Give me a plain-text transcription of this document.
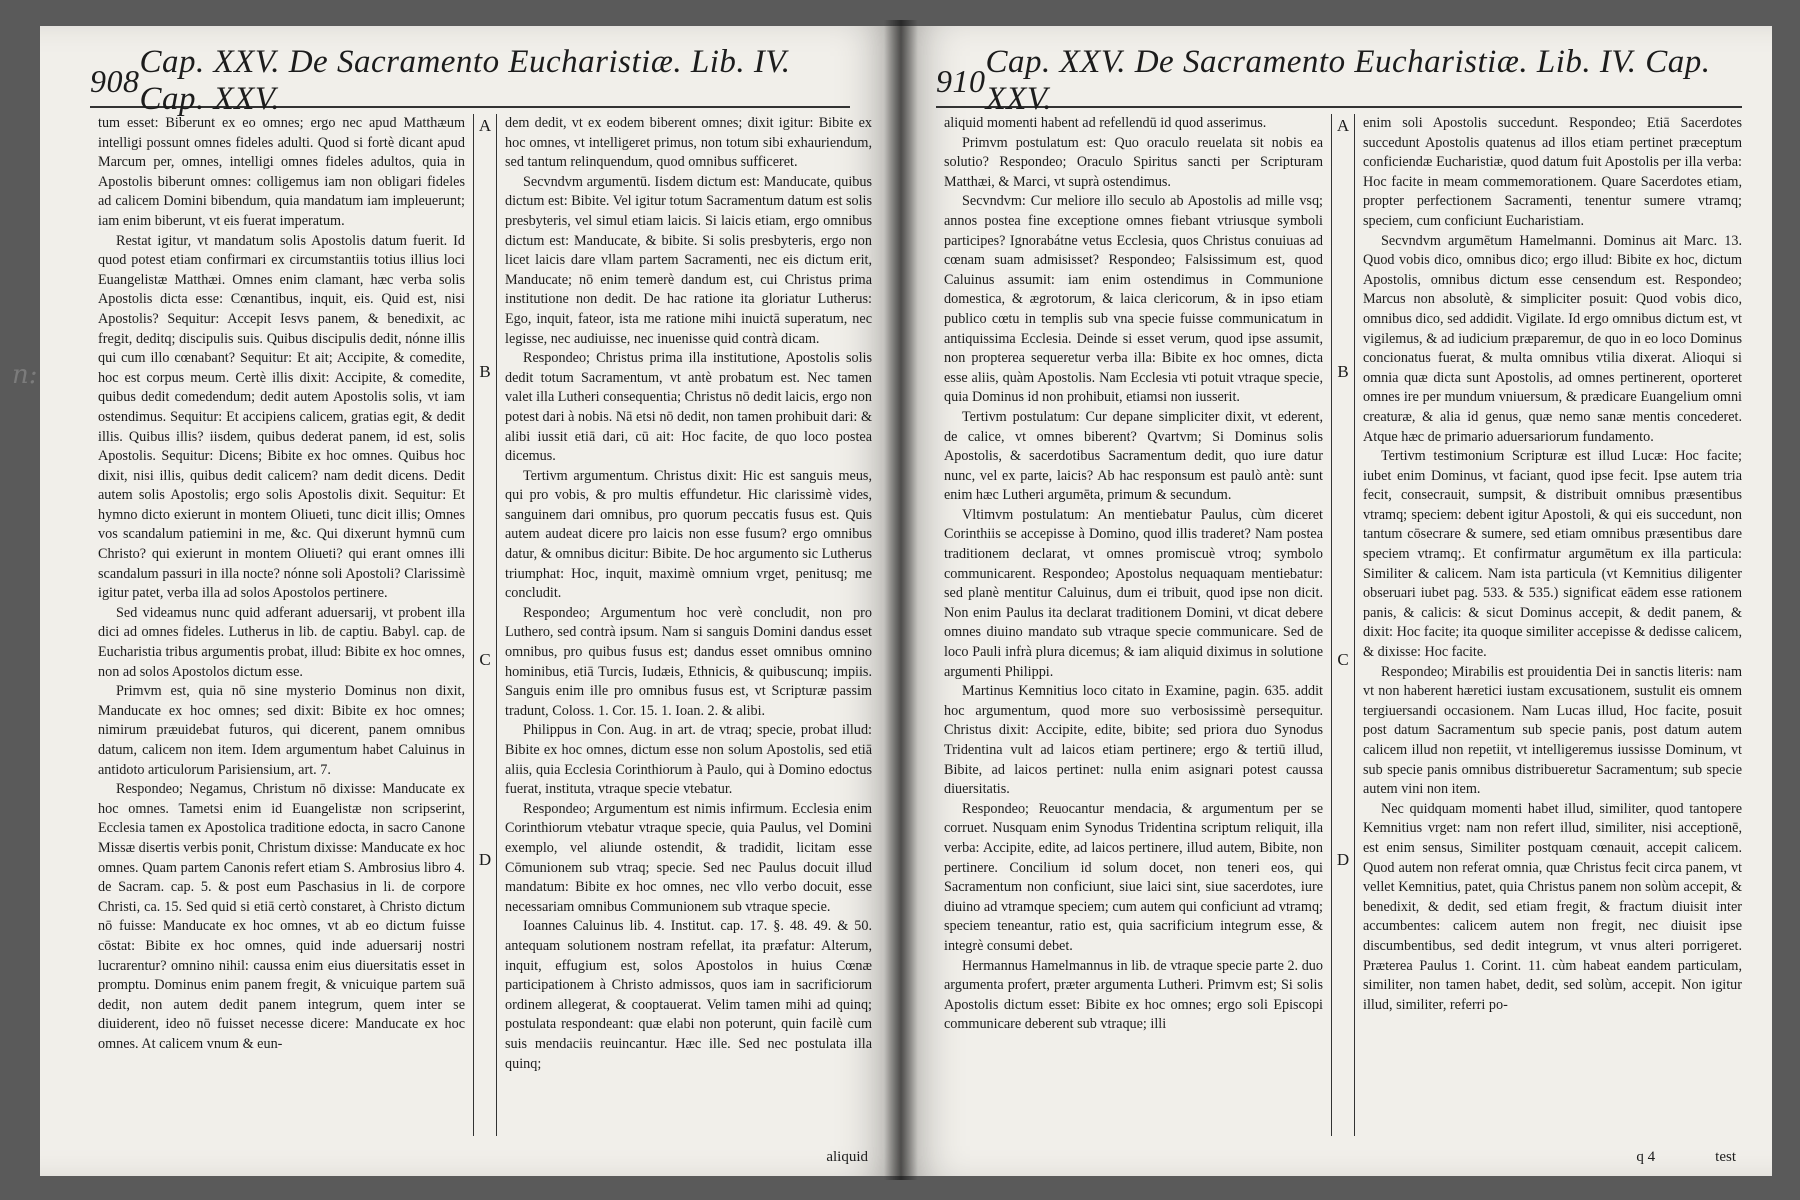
908
Cap. XXV. De Sacramento Eucharistiæ. Lib. IV. Cap. XXV.

tum esset: Biberunt ex eo omnes; ergo nec apud Matthæum intelligi possunt omnes fideles adulti. Quod si fortè dicant apud Marcum per, omnes, intelligi omnes fideles adultos, quia in Apostolis biberunt omnes: colligemus iam non obligari fideles ad calicem Domini bibendum, quia mandatum iam impleuerunt; iam enim biberunt, vt eis fuerat imperatum.

Restat igitur, vt mandatum solis Apostolis datum fuerit. Id quod potest etiam confirmari ex circumstantiis totius illius loci Euangelistæ Matthæi. Omnes enim clamant, hæc verba solis Apostolis dicta esse: Cœnantibus, inquit, eis. Quid est, nisi Apostolis? Sequitur: Accepit Iesvs panem, & benedixit, ac fregit, deditq; discipulis suis. Quibus discipulis dedit, nónne illis qui cum illo cœnabant? Sequitur: Et ait; Accipite, & comedite, hoc est corpus meum. Certè illis dixit: Accipite, & comedite, quibus dedit comedendum; dedit autem Apostolis solis, vt iam ostendimus. Sequitur: Et accipiens calicem, gratias egit, & dedit illis. Quibus illis? iisdem, quibus dederat panem, id est, solis Apostolis. Sequitur: Dicens; Bibite ex hoc omnes. Quibus hoc dixit, nisi illis, quibus dedit calicem? nam dedit dicens. Dedit autem solis Apostolis; ergo solis Apostolis dixit. Sequitur: Et hymno dicto exierunt in montem Oliueti, tunc dicit illis; Omnes vos scandalum patiemini in me, &c. Qui dixerunt hymnū cum Christo? qui exierunt in montem Oliueti? qui erant omnes illi scandalum passuri in illa nocte? nónne soli Apostoli? Clarissimè igitur patet, verba illa ad solos Apostolos pertinere.

Sed videamus nunc quid adferant aduersarij, vt probent illa dici ad omnes fideles. Lutherus in lib. de captiu. Babyl. cap. de Eucharistia tribus argumentis probat, illud: Bibite ex hoc omnes, non ad solos Apostolos dictum esse.

Primvm est, quia nō sine mysterio Dominus non dixit, Manducate ex hoc omnes; sed dixit: Bibite ex hoc omnes; nimirum præuidebat futuros, qui dicerent, panem omnibus datum, calicem non item. Idem argumentum habet Caluinus in antidoto articulorum Parisiensium, art. 7.

Respondeo; Negamus, Christum nō dixisse: Manducate ex hoc omnes. Tametsi enim id Euangelistæ non scripserint, Ecclesia tamen ex Apostolica traditione edocta, in sacro Canone Missæ disertis verbis ponit, Christum dixisse: Manducate ex hoc omnes. Quam partem Canonis refert etiam S. Ambrosius libro 4. de Sacram. cap. 5. & post eum Paschasius in li. de corpore Christi, ca. 15. Sed quid si etiā certò constaret, à Christo dictum nō fuisse: Manducate ex hoc omnes, vt ab eo dictum fuisse cōstat: Bibite ex hoc omnes, quid inde aduersarij nostri lucrarentur? omnino nihil: caussa enim eius diuersitatis esset in promptu. Dominus enim panem fregit, & vnicuique partem suā dedit, non autem dedit panem integrum, quem inter se diuiderent, ideo nō fuisset necesse dicere: Manducate ex hoc omnes. At calicem vnum & eun-

A
B
C
D

dem dedit, vt ex eodem biberent omnes; dixit igitur: Bibite ex hoc omnes, vt intelligeret primus, non totum sibi exhauriendum, sed tantum relinquendum, quod omnibus sufficeret.

Secvndvm argumentū. Iisdem dictum est: Manducate, quibus dictum est: Bibite. Vel igitur totum Sacramentum datum est solis presbyteris, vel simul etiam laicis. Si laicis etiam, ergo omnibus dictum est: Manducate, & bibite. Si solis presbyteris, ergo non licet laicis dare vllam partem Sacramenti, nec eis dictum erit, Manducate; nō enim temerè dandum est, cui Christus prima institutione non dedit. De hac ratione ita gloriatur Lutherus: Ego, inquit, fateor, ista me ratione mihi inuictā superatum, nec legisse, nec audiuisse, nec inuenisse quid contrà dicam.

Respondeo; Christus prima illa institutione, Apostolis solis dedit totum Sacramentum, vt antè probatum est. Nec tamen valet illa Lutheri consequentia; Christus nō dedit laicis, ergo non potest dari à nobis. Nā etsi nō dedit, non tamen prohibuit dari: & alibi iussit etiā dari, cū ait: Hoc facite, de quo loco postea dicemus.

Tertivm argumentum. Christus dixit: Hic est sanguis meus, qui pro vobis, & pro multis effundetur. Hic clarissimè vides, sanguinem dari omnibus, pro quorum peccatis fusus est. Quis autem audeat dicere pro laicis non esse fusum? ergo omnibus datur, & omnibus dicitur: Bibite. De hoc argumento sic Lutherus triumphat: Hoc, inquit, maximè omnium vrget, penitusq; me concludit.

Respondeo; Argumentum hoc verè concludit, non pro Luthero, sed contrà ipsum. Nam si sanguis Domini dandus esset omnibus, pro quibus fusus est; dandus esset omnibus omnino hominibus, etiā Turcis, Iudæis, Ethnicis, & quibuscunq; impiis. Sanguis enim ille pro omnibus fusus est, vt Scripturæ passim tradunt, Coloss. 1. Cor. 15. 1. Ioan. 2. & alibi.

Philippus in Con. Aug. in art. de vtraq; specie, probat illud: Bibite ex hoc omnes, dictum esse non solum Apostolis, sed etiā aliis, quia Ecclesia Corinthiorum à Paulo, qui à Domino edoctus fuerat, instituta, vtraque specie vtebatur.

Respondeo; Argumentum est nimis infirmum. Ecclesia enim Corinthiorum vtebatur vtraque specie, quia Paulus, vel Domini exemplo, vel aliunde ostendit, & tradidit, licitam esse Cōmunionem sub vtraq; specie. Sed nec Paulus docuit illud mandatum: Bibite ex hoc omnes, nec vllo verbo docuit, esse necessariam omnibus Communionem sub vtraque specie.

Ioannes Caluinus lib. 4. Institut. cap. 17. §. 48. 49. & 50. antequam solutionem nostram refellat, ita præfatur: Alterum, inquit, effugium est, solos Apostolos in huius Cœnæ participationem à Christo admissos, quos iam in sacrificiorum ordinem allegerat, & cooptauerat. Velim tamen mihi ad quinq; postulata respondeant: quæ elabi non poterunt, quin facilè cum suis mendaciis reuincantur. Hæc ille. Sed nec postulata illa quinq;

aliquid
n:
910
Cap. XXV. De Sacramento Eucharistiæ. Lib. IV. Cap. XXV.

aliquid momenti habent ad refellendū id quod asserimus.

Primvm postulatum est: Quo oraculo reuelata sit nobis ea solutio? Respondeo; Oraculo Spiritus sancti per Scripturam Matthæi, & Marci, vt suprà ostendimus.

Secvndvm: Cur meliore illo seculo ab Apostolis ad mille vsq; annos postea fine exceptione omnes fiebant vtriusque symboli participes? Ignorabátne vetus Ecclesia, quos Christus conuiuas ad cœnam suam admisisset? Respondeo; Falsissimum est, quod Caluinus assumit: iam enim ostendimus in Communione domestica, & ægrotorum, & laica clericorum, & in ipso etiam publico cœtu in templis sub vna specie fuisse communicatum in antiquissima Ecclesia. Deinde si esset verum, quod ipse assumit, non propterea sequeretur verba illa: Bibite ex hoc omnes, dicta esse aliis, quàm Apostolis. Nam Ecclesia vti potuit vtraque specie, quia Dominus id non prohibuit, etiamsi non iusserit.

Tertivm postulatum: Cur depane simpliciter dixit, vt ederent, de calice, vt omnes biberent? Qvartvm; Si Dominus solis Apostolis, & sacerdotibus Sacramentum dedit, quo iure datur nunc, vel ex parte, laicis? Ab hac responsum est paulò antè: sunt enim hæc Lutheri argumēta, primum & secundum.

Vltimvm postulatum: An mentiebatur Paulus, cùm diceret Corinthiis se accepisse à Domino, quod illis traderet? Nam postea traditionem declarat, vt omnes promiscuè vtroq; symbolo communicarent. Respondeo; Apostolus nequaquam mentiebatur: sed planè mentitur Caluinus, dum ei tribuit, quod ipse non dicit. Non enim Paulus ita declarat traditionem Domini, vt dicat debere omnes diuino mandato sub vtraque specie communicare. Sed de loco Pauli infrà plura dicemus; & iam aliquid diximus in solutione argumenti Philippi.

Martinus Kemnitius loco citato in Examine, pagin. 635. addit hoc argumentum, quod more suo verbosissimè persequitur. Christus dixit: Accipite, edite, bibite; sed priora duo Synodus Tridentina vult ad laicos etiam pertinere; ergo & tertiū illud, Bibite, ad laicos pertinet: nulla enim asignari potest caussa diuersitatis.

Respondeo; Reuocantur mendacia, & argumentum per se corruet. Nusquam enim Synodus Tridentina scriptum reliquit, illa verba: Accipite, edite, ad laicos pertinere, illud autem, Bibite, non pertinere. Concilium id solum docet, non teneri eos, qui Sacramentum non conficiunt, siue laici sint, siue sacerdotes, iure diuino ad vtramque speciem; cum autem qui conficiunt ad vtramq; speciem teneantur, ratio est, quia sacrificium integrum esse, & integrè consumi debet.

Hermannus Hamelmannus in lib. de vtraque specie parte 2. duo argumenta profert, præter argumenta Lutheri. Primvm est; Si solis Apostolis dictum esset: Bibite ex hoc omnes; ergo soli Episcopi communicare deberent sub vtraque; illi

A
B
C
D

enim soli Apostolis succedunt. Respondeo; Etiā Sacerdotes succedunt Apostolis quatenus ad illos etiam pertinet præceptum conficiendæ Eucharistiæ, quod datum fuit Apostolis per illa verba: Hoc facite in meam commemorationem. Quare Sacerdotes etiam, propter perfectionem Sacramenti, tenentur sumere vtramq; speciem, cum conficiunt Eucharistiam.

Secvndvm argumētum Hamelmanni. Dominus ait Marc. 13. Quod vobis dico, omnibus dico; ergo illud: Bibite ex hoc, dictum Apostolis, omnibus dictum esse censendum est. Respondeo; Marcus non absolutè, & simpliciter posuit: Quod vobis dico, omnibus dico, sed addidit. Vigilate. Id ergo omnibus dictum est, vt vigilemus, & ad iudicium præparemur, de quo in eo loco Dominus concionatus fuerat, & multa omnibus vtilia dixerat. Alioqui si omnia quæ dicta sunt Apostolis, ad omnes pertinerent, oporteret omnes ire per mundum vniuersum, & prædicare Euangelium omni creaturæ, & alia id genus, quæ nemo sanæ mentis concederet. Atque hæc de primario aduersariorum fundamento.

Tertivm testimonium Scripturæ est illud Lucæ: Hoc facite; iubet enim Dominus, vt faciant, quod ipse fecit. Ipse autem tria fecit, consecrauit, sumpsit, & distribuit omnibus præsentibus vtramq; speciem: debent igitur Apostoli, & qui eis succedunt, non tantum cōsecrare & sumere, sed etiam omnibus præsentibus dare speciem vtramq;. Et confirmatur argumētum ex illa particula: Similiter & calicem. Nam ista particula (vt Kemnitius diligenter obseruari iubet pag. 533. & 535.) significat eādem esse rationem panis, & calicis: & sicut Dominus accepit, & dedit panem, & dixit: Hoc facite; ita quoque similiter accepisse & dedisse calicem, & dixisse: Hoc facite.

Respondeo; Mirabilis est prouidentia Dei in sanctis literis: nam vt non haberent hæretici iustam excusationem, sustulit eis omnem tergiuersandi occasionem. Nam Lucas illud, Hoc facite, posuit post datum Sacramentum sub specie panis, post datum autem calicem illud non repetiit, vt intelligeremus iussisse Dominum, vt sub specie panis omnibus distribueretur Sacramentum; sub specie autem vini non item.

Nec quidquam momenti habet illud, similiter, quod tantopere Kemnitius vrget: nam non refert illud, similiter, nisi acceptionē, est enim sensus, Similiter postquam cœnauit, accepit calicem. Quod autem non referat omnia, quæ Christus fecit circa panem, vt vellet Kemnitius, patet, quia Christus panem non solùm accepit, & benedixit, & dedit, sed etiam fregit, & fractum diuisit inter accumbentes: calicem autem non fregit, nec diuisit ipse discumbentibus, sed dedit integrum, vt vnus alteri porrigeret. Præterea Paulus 1. Corint. 11. cùm habeat eandem particulam, similiter, non tamen habet, dedit, sed solùm, accepit. Non igitur illud, similiter, referri po-

q 4	test
